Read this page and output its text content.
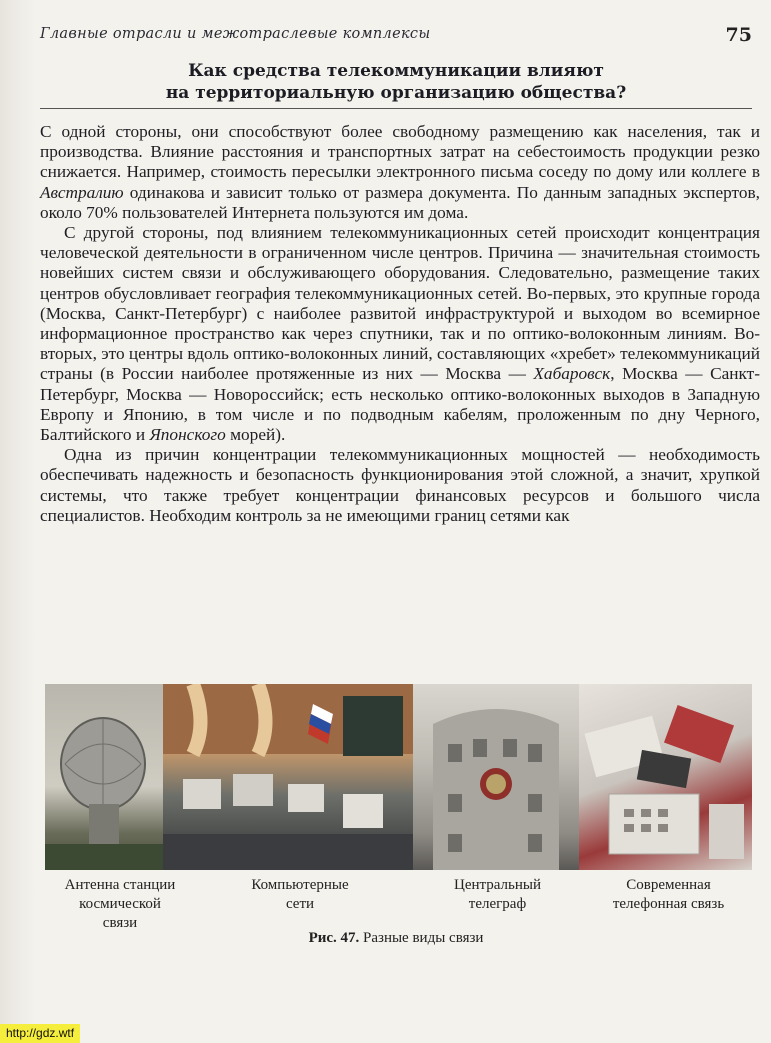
Главные отрасли и межотраслевые комплексы	75
Как средства телекоммуникации влияют
на территориальную организацию общества?

С одной стороны, они способствуют более свободному размещению как населения, так и производства. Влияние расстояния и транспортных затрат на себестоимость продукции резко снижается. Например, стоимость пересылки электронного письма соседу по дому или коллеге в Австралию одинакова и зависит только от размера документа. По данным западных экспертов, около 70% пользователей Интернета пользуются им дома.

С другой стороны, под влиянием телекоммуникационных сетей происходит концентрация человеческой деятельности в ограниченном числе центров. Причина — значительная стоимость новейших систем связи и обслуживающего оборудования. Следовательно, размещение таких центров обусловливает география телекоммуникационных сетей. Во-первых, это крупные города (Москва, Санкт-Петербург) с наиболее развитой инфраструктурой и выходом во всемирное информационное пространство как через спутники, так и по оптико-волоконным линиям. Во-вторых, это центры вдоль оптико-волоконных линий, составляющих «хребет» телекоммуникаций страны (в России наиболее протяженные из них — Москва — Хабаровск, Москва — Санкт-Петербург, Москва — Новороссийск; есть несколько оптико-волоконных выходов в Западную Европу и Японию, в том числе и по подводным кабелям, проложенным по дну Черного, Балтийского и Японского морей).

Одна из причин концентрации телекоммуникационных мощностей — необходимость обеспечивать надежность и безопасность функционирования этой сложной, а значит, хрупкой системы, что также требует концентрации финансовых ресурсов и большого числа специалистов. Необходим контроль за не имеющими границ сетями как

Антенна станции
космической
связи
Компьютерные
сети
Центральный
телеграф
Современная
телефонная связь
Рис. 47. Разные виды связи
http://gdz.wtf
